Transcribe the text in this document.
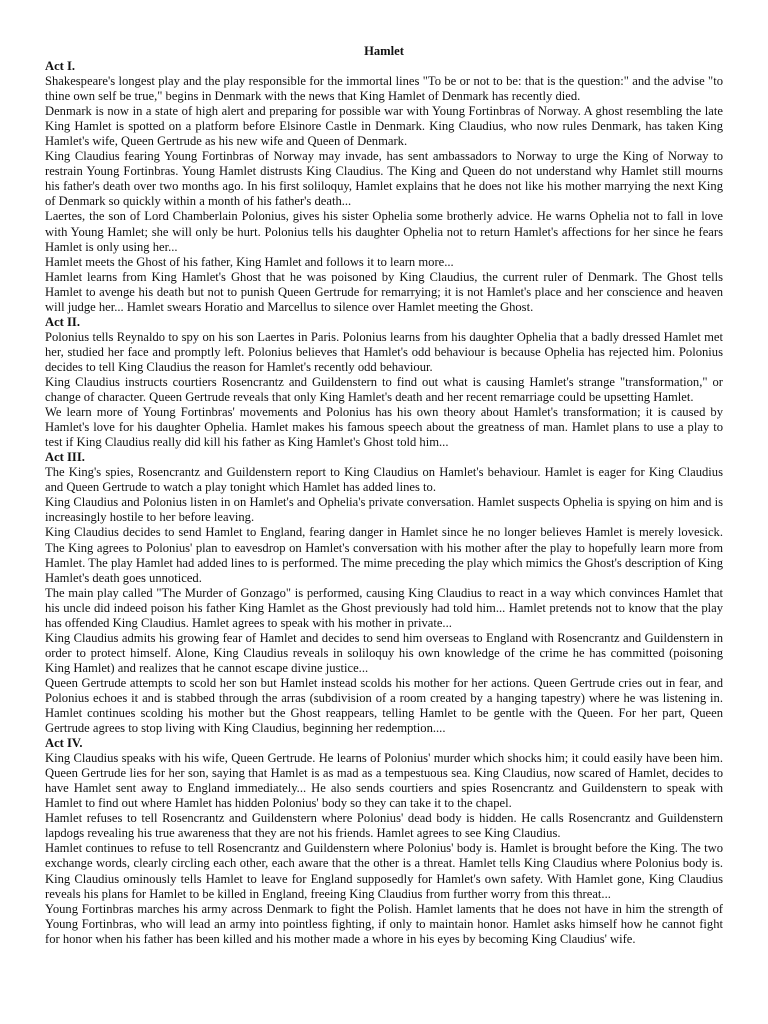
Hamlet
Act I.

Shakespeare's longest play and the play responsible for the immortal lines "To be or not to be: that is the question:" and the advise "to thine own self be true," begins in Denmark with the news that King Hamlet of Denmark has recently died.

Denmark is now in a state of high alert and preparing for possible war with Young Fortinbras of Norway. A ghost resembling the late King Hamlet is spotted on a platform before Elsinore Castle in Denmark. King Claudius, who now rules Denmark, has taken King Hamlet's wife, Queen Gertrude as his new wife and Queen of Denmark.

King Claudius fearing Young Fortinbras of Norway may invade, has sent ambassadors to Norway to urge the King of Norway to restrain Young Fortinbras. Young Hamlet distrusts King Claudius. The King and Queen do not understand why Hamlet still mourns his father's death over two months ago. In his first soliloquy, Hamlet explains that he does not like his mother marrying the next King of Denmark so quickly within a month of his father's death...

Laertes, the son of Lord Chamberlain Polonius, gives his sister Ophelia some brotherly advice. He warns Ophelia not to fall in love with Young Hamlet; she will only be hurt. Polonius tells his daughter Ophelia not to return Hamlet's affections for her since he fears Hamlet is only using her...

Hamlet meets the Ghost of his father, King Hamlet and follows it to learn more...

Hamlet learns from King Hamlet's Ghost that he was poisoned by King Claudius, the current ruler of Denmark. The Ghost tells Hamlet to avenge his death but not to punish Queen Gertrude for remarrying; it is not Hamlet's place and her conscience and heaven will judge her... Hamlet swears Horatio and Marcellus to silence over Hamlet meeting the Ghost.

Act II.

Polonius tells Reynaldo to spy on his son Laertes in Paris. Polonius learns from his daughter Ophelia that a badly dressed Hamlet met her, studied her face and promptly left. Polonius believes that Hamlet's odd behaviour is because Ophelia has rejected him. Polonius decides to tell King Claudius the reason for Hamlet's recently odd behaviour.

King Claudius instructs courtiers Rosencrantz and Guildenstern to find out what is causing Hamlet's strange "transformation," or change of character. Queen Gertrude reveals that only King Hamlet's death and her recent remarriage could be upsetting Hamlet.

We learn more of Young Fortinbras' movements and Polonius has his own theory about Hamlet's transformation; it is caused by Hamlet's love for his daughter Ophelia. Hamlet makes his famous speech about the greatness of man. Hamlet plans to use a play to test if King Claudius really did kill his father as King Hamlet's Ghost told him...

Act III.

The King's spies, Rosencrantz and Guildenstern report to King Claudius on Hamlet's behaviour. Hamlet is eager for King Claudius and Queen Gertrude to watch a play tonight which Hamlet has added lines to.

King Claudius and Polonius listen in on Hamlet's and Ophelia's private conversation. Hamlet suspects Ophelia is spying on him and is increasingly hostile to her before leaving.

King Claudius decides to send Hamlet to England, fearing danger in Hamlet since he no longer believes Hamlet is merely lovesick. The King agrees to Polonius' plan to eavesdrop on Hamlet's conversation with his mother after the play to hopefully learn more from Hamlet. The play Hamlet had added lines to is performed. The mime preceding the play which mimics the Ghost's description of King Hamlet's death goes unnoticed.

The main play called "The Murder of Gonzago" is performed, causing King Claudius to react in a way which convinces Hamlet that his uncle did indeed poison his father King Hamlet as the Ghost previously had told him... Hamlet pretends not to know that the play has offended King Claudius. Hamlet agrees to speak with his mother in private...

King Claudius admits his growing fear of Hamlet and decides to send him overseas to England with Rosencrantz and Guildenstern in order to protect himself. Alone, King Claudius reveals in soliloquy his own knowledge of the crime he has committed (poisoning King Hamlet) and realizes that he cannot escape divine justice...

Queen Gertrude attempts to scold her son but Hamlet instead scolds his mother for her actions. Queen Gertrude cries out in fear, and Polonius echoes it and is stabbed through the arras (subdivision of a room created by a hanging tapestry) where he was listening in. Hamlet continues scolding his mother but the Ghost reappears, telling Hamlet to be gentle with the Queen. For her part, Queen Gertrude agrees to stop living with King Claudius, beginning her redemption....

Act IV.

King Claudius speaks with his wife, Queen Gertrude. He learns of Polonius' murder which shocks him; it could easily have been him. Queen Gertrude lies for her son, saying that Hamlet is as mad as a tempestuous sea. King Claudius, now scared of Hamlet, decides to have Hamlet sent away to England immediately... He also sends courtiers and spies Rosencrantz and Guildenstern to speak with Hamlet to find out where Hamlet has hidden Polonius' body so they can take it to the chapel.

Hamlet refuses to tell Rosencrantz and Guildenstern where Polonius' dead body is hidden. He calls Rosencrantz and Guildenstern lapdogs revealing his true awareness that they are not his friends. Hamlet agrees to see King Claudius.

Hamlet continues to refuse to tell Rosencrantz and Guildenstern where Polonius' body is. Hamlet is brought before the King. The two exchange words, clearly circling each other, each aware that the other is a threat. Hamlet tells King Claudius where Polonius body is. King Claudius ominously tells Hamlet to leave for England supposedly for Hamlet's own safety. With Hamlet gone, King Claudius reveals his plans for Hamlet to be killed in England, freeing King Claudius from further worry from this threat...

Young Fortinbras marches his army across Denmark to fight the Polish. Hamlet laments that he does not have in him the strength of Young Fortinbras, who will lead an army into pointless fighting, if only to maintain honor. Hamlet asks himself how he cannot fight for honor when his father has been killed and his mother made a whore in his eyes by becoming King Claudius' wife.
